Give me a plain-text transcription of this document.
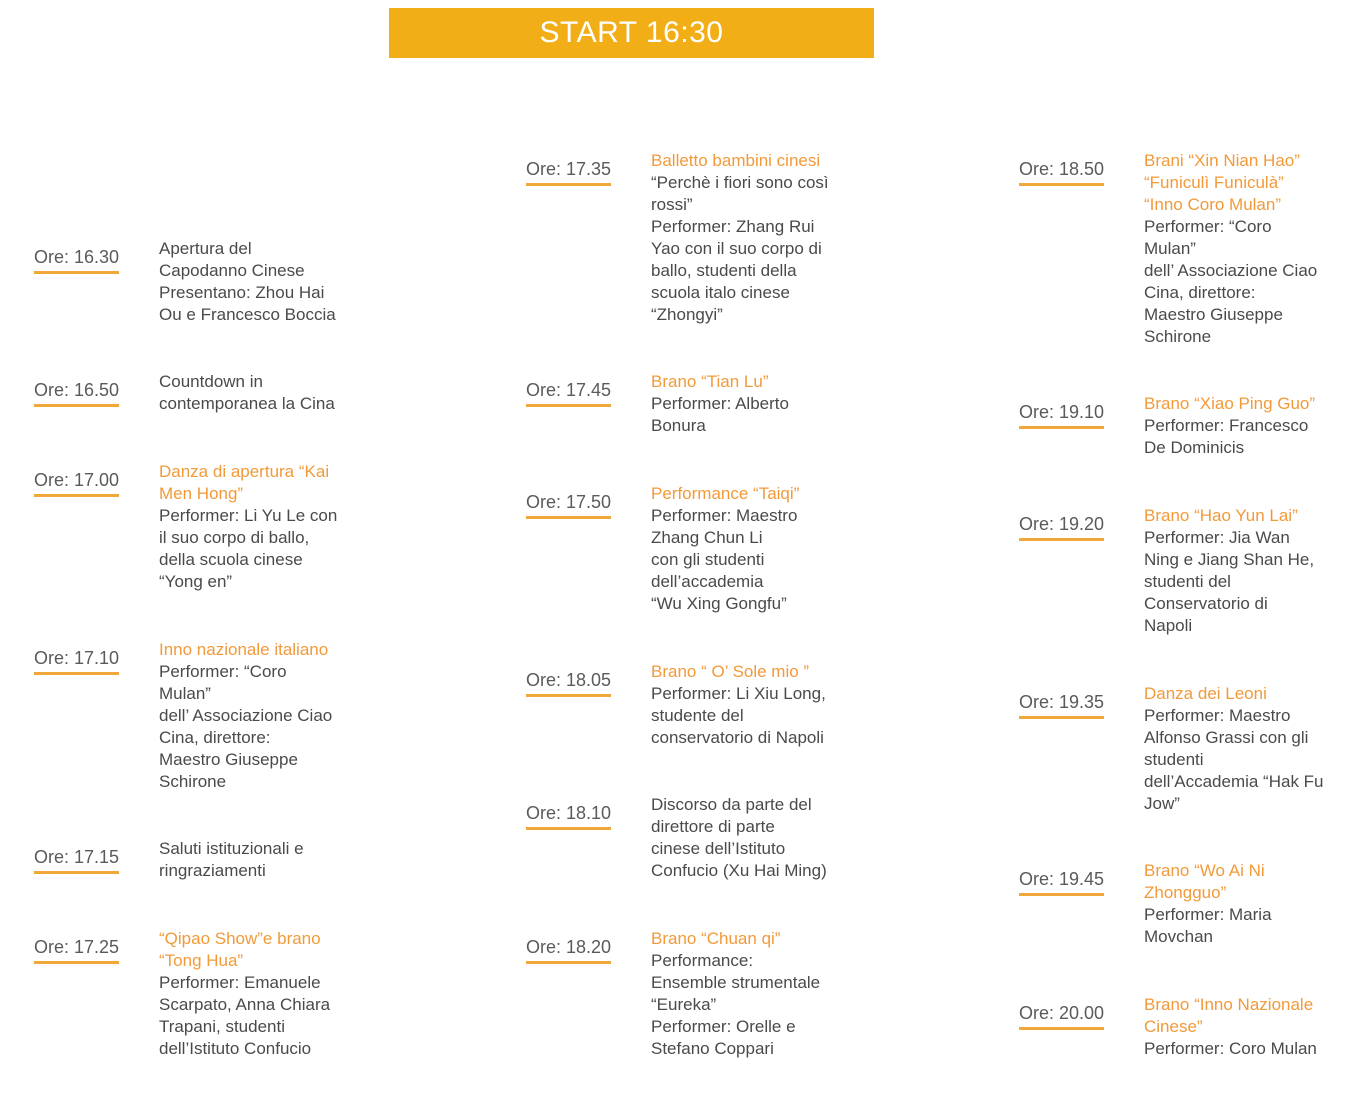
START 16:30
Ore: 16.30 Apertura del
Capodanno Cinese
Presentano: Zhou Hai
Ou e Francesco Boccia
Ore: 16.50 Countdown in
contemporanea la Cina
Ore: 17.00 Danza di apertura “Kai
Men Hong”
Performer: Li Yu Le con
il suo corpo di ballo,
della scuola cinese
“Yong en”
Ore: 17.10 Inno nazionale italiano
Performer: “Coro
Mulan”
dell’ Associazione Ciao
Cina, direttore:
Maestro Giuseppe
Schirone
Ore: 17.15 Saluti istituzionali e
ringraziamenti
Ore: 17.25 “Qipao Show”e brano
“Tong Hua”
Performer: Emanuele
Scarpato, Anna Chiara
Trapani, studenti
dell’Istituto Confucio
Ore: 17.35 Balletto bambini cinesi
“Perchè i fiori sono così
rossi”
Performer: Zhang Rui
Yao con il suo corpo di
ballo, studenti della
scuola italo cinese
“Zhongyi”
Ore: 17.45 Brano “Tian Lu”
Performer: Alberto
Bonura
Ore: 17.50 Performance “Taiqi”
Performer: Maestro
Zhang Chun Li
con gli studenti
dell’accademia
“Wu Xing Gongfu”
Ore: 18.05 Brano “ O’ Sole mio ”
Performer: Li Xiu Long,
studente del
conservatorio di Napoli
Ore: 18.10 Discorso da parte del
direttore di parte
cinese dell’Istituto
Confucio (Xu Hai Ming)
Ore: 18.20 Brano “Chuan qi”
Performance:
Ensemble strumentale
“Eureka”
Performer: Orelle e
Stefano Coppari
Ore: 18.50 Brani “Xin Nian Hao”
“Funiculì Funiculà”
“Inno Coro Mulan”
Performer: “Coro
Mulan”
dell’ Associazione Ciao
Cina, direttore:
Maestro Giuseppe
Schirone
Ore: 19.10 Brano “Xiao Ping Guo”
Performer: Francesco
De Dominicis
Ore: 19.20 Brano “Hao Yun Lai”
Performer: Jia Wan
Ning e Jiang Shan He,
studenti del
Conservatorio di
Napoli
Ore: 19.35 Danza dei Leoni
Performer: Maestro
Alfonso Grassi con gli
studenti
dell’Accademia “Hak Fu
Jow”
Ore: 19.45 Brano “Wo Ai Ni
Zhongguo”
Performer: Maria
Movchan
Ore: 20.00 Brano “Inno Nazionale
Cinese”
Performer: Coro Mulan
